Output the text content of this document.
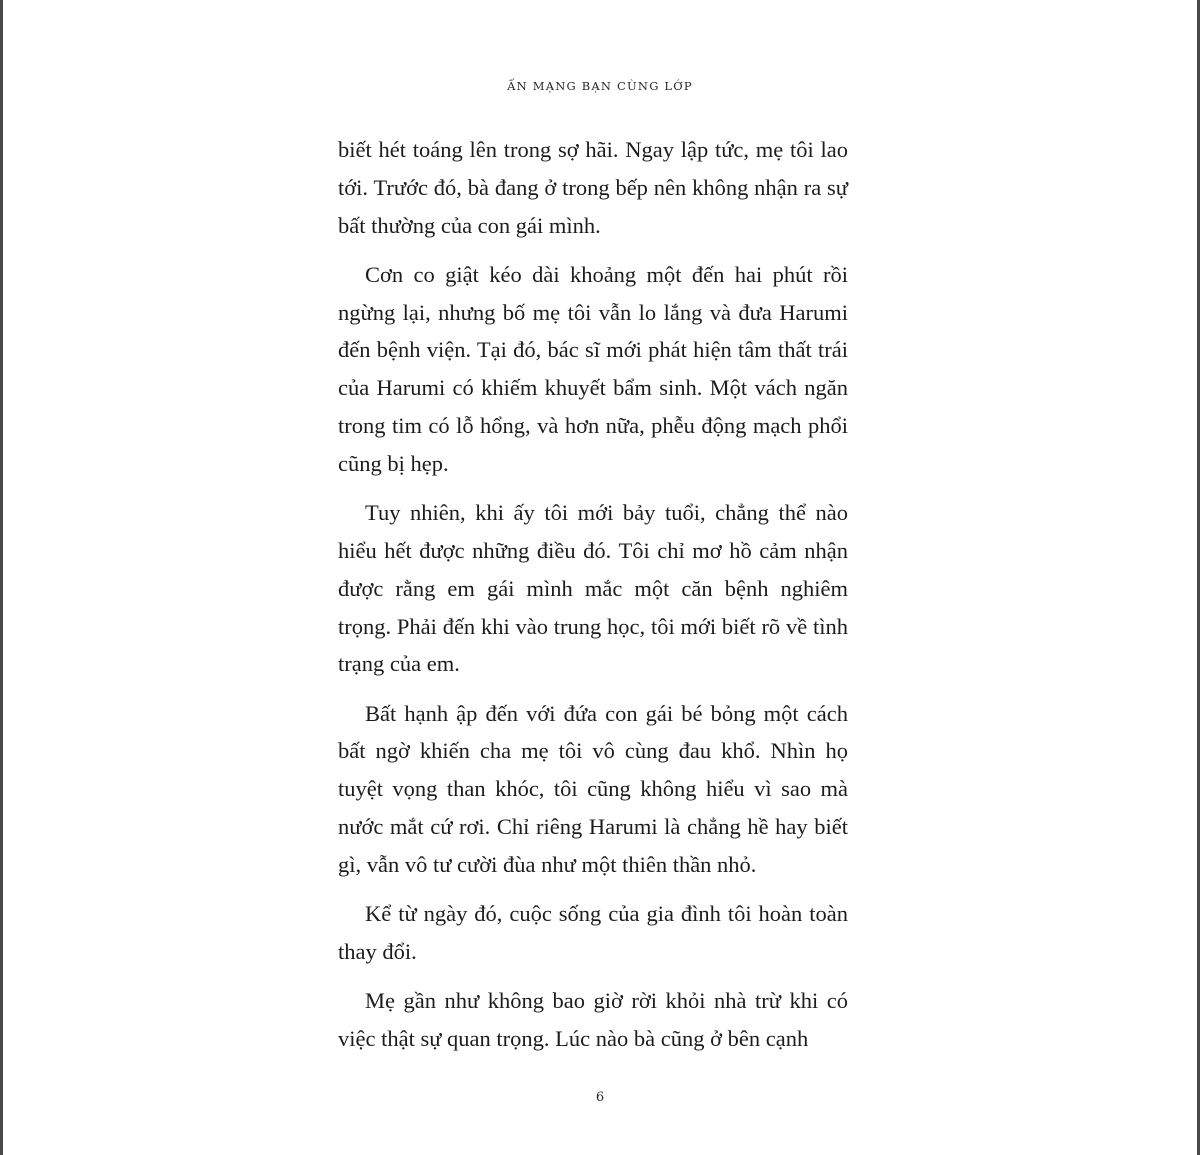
ẤN MẠNG BẠN CÙNG LỚP

biết hét toáng lên trong sợ hãi. Ngay lập tức, mẹ tôi lao tới. Trước đó, bà đang ở trong bếp nên không nhận ra sự bất thường của con gái mình.

Cơn co giật kéo dài khoảng một đến hai phút rồi ngừng lại, nhưng bố mẹ tôi vẫn lo lắng và đưa Harumi đến bệnh viện. Tại đó, bác sĩ mới phát hiện tâm thất trái của Harumi có khiếm khuyết bẩm sinh. Một vách ngăn trong tim có lỗ hổng, và hơn nữa, phễu động mạch phổi cũng bị hẹp.

Tuy nhiên, khi ấy tôi mới bảy tuổi, chẳng thể nào hiểu hết được những điều đó. Tôi chỉ mơ hồ cảm nhận được rằng em gái mình mắc một căn bệnh nghiêm trọng. Phải đến khi vào trung học, tôi mới biết rõ về tình trạng của em.

Bất hạnh ập đến với đứa con gái bé bỏng một cách bất ngờ khiến cha mẹ tôi vô cùng đau khổ. Nhìn họ tuyệt vọng than khóc, tôi cũng không hiểu vì sao mà nước mắt cứ rơi. Chỉ riêng Harumi là chẳng hề hay biết gì, vẫn vô tư cười đùa như một thiên thần nhỏ.

Kể từ ngày đó, cuộc sống của gia đình tôi hoàn toàn thay đổi.

Mẹ gần như không bao giờ rời khỏi nhà trừ khi có việc thật sự quan trọng. Lúc nào bà cũng ở bên cạnh

6
